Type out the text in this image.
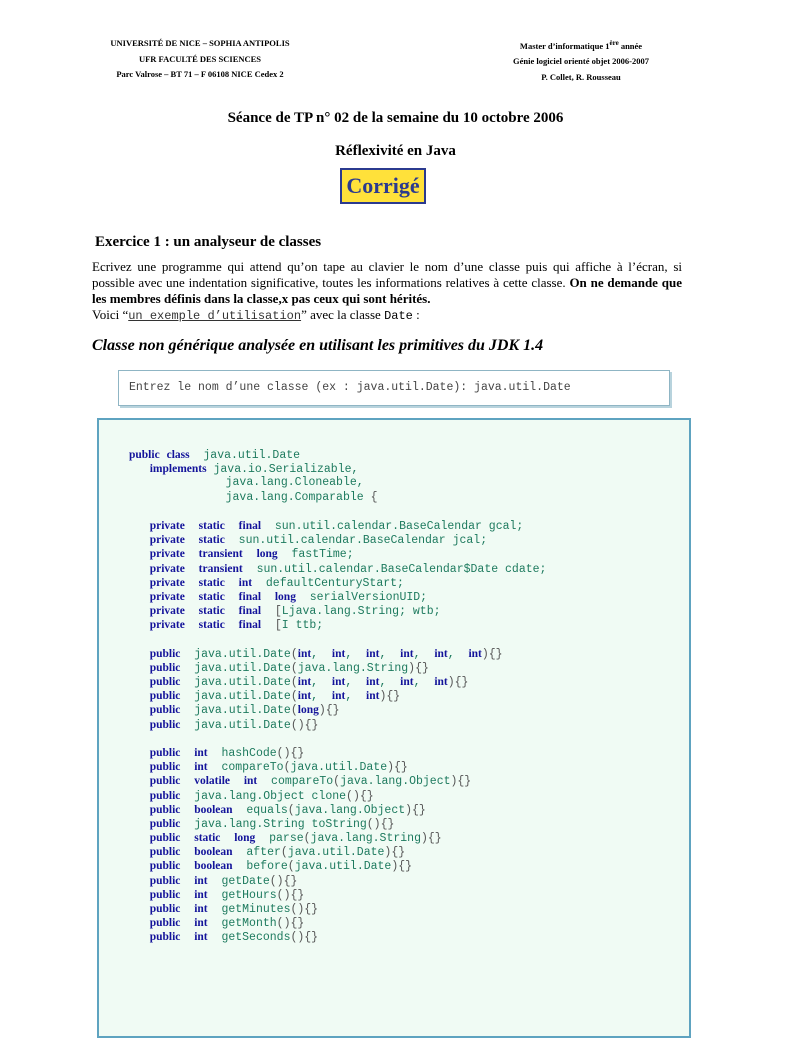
UNIVERSITÉ DE NICE – SOPHIA ANTIPOLIS
UFR FACULTÉ DES SCIENCES
Parc Valrose – BT 71 – F 06108 NICE Cedex 2
Master d’informatique 1ère année
Génie logiciel orienté objet 2006-2007
P. Collet, R. Rousseau
Séance de TP n° 02 de la semaine du 10 octobre 2006
Réflexivité en Java
Corrigé
Exercice 1 : un analyseur de classes
Ecrivez une programme qui attend qu’on tape au clavier le nom d’une classe puis qui affiche à l’écran, si possible avec une indentation significative, toutes les informations relatives à cette classe. On ne demande que les membres définis dans la classe,x pas ceux qui sont hérités.
Voici “un exemple d’utilisation” avec la classe Date :
Classe non générique analysée en utilisant les primitives du JDK 1.4
Entrez le nom d’une classe (ex : java.util.Date): java.util.Date
public class java.util.Date
implements java.io.Serializable,
java.lang.Cloneable,
java.lang.Comparable {
private static final sun.util.calendar.BaseCalendar gcal;
private static sun.util.calendar.BaseCalendar jcal;
private transient long fastTime;
private transient sun.util.calendar.BaseCalendar$Date cdate;
private static int defaultCenturyStart;
private static final long serialVersionUID;
private static final [Ljava.lang.String; wtb;
private static final [I ttb;
public java.util.Date(int, int, int, int, int, int){}
public java.util.Date(java.lang.String){}
public java.util.Date(int, int, int, int, int){}
public java.util.Date(int, int, int){}
public java.util.Date(long){}
public java.util.Date(){}
public int hashCode(){}
public int compareTo(java.util.Date){}
public volatile int compareTo(java.lang.Object){}
public java.lang.Object clone(){}
public boolean equals(java.lang.Object){}
public java.lang.String toString(){}
public static long parse(java.lang.String){}
public boolean after(java.util.Date){}
public boolean before(java.util.Date){}
public int getDate(){}
public int getHours(){}
public int getMinutes(){}
public int getMonth(){}
public int getSeconds(){}
